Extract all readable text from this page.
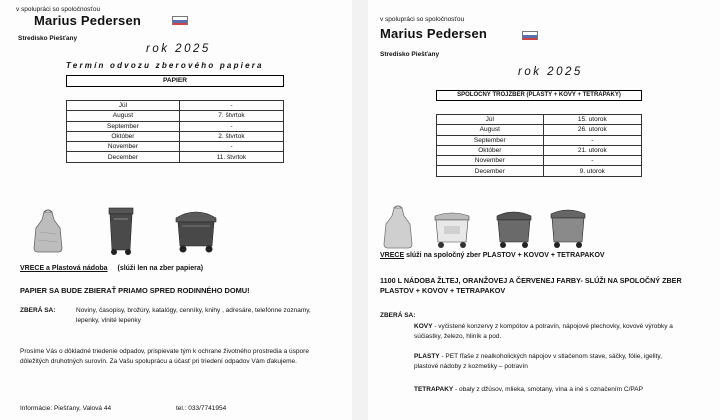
v spolupráci so spoločnosťou
Marius Pedersen
Stredisko Piešťany
rok 2025
Termín odvozu zberového papiera
PAPIER
Júl	-
August	7. štvrtok
September	-
Október	2. štvrtok
November	-
December	11. štvrtok
VRECE a Plastová nádoba (slúži len na zber papiera)
PAPIER SA BUDE ZBIERAŤ PRIAMO SPRED RODINNÉHO DOMU!
ZBERÁ SA:	Noviny, časopisy, brožúry, katalógy, cenníky, knihy , adresáre, telefónne zoznamy, lepenky, vlnité lepenky
Prosíme Vás o dôkladné triedenie odpadov, prispievate tým k ochrane životného prostredia a úspore dôležitých druhotných surovín. Za Vašu spoluprácu a účasť pri triedení odpadov Vám ďakujeme.
Informácie: Piešťany, Valová 44	tel.: 033/7741954
v spolupráci so spoločnosťou
Marius Pedersen
Stredisko Piešťany
rok 2025
SPOLOČNÝ TROJZBER (PLASTY + KOVY + TETRAPAKY)
Júl	15. utorok
August	26. utorok
September	-
Október	21. utorok
November	-
December	9. utorok
VRECE slúži na spoločný zber PLASTOV + KOVOV + TETRAPAKOV
1100 L NÁDOBA ŽLTEJ, ORANŽOVEJ A ČERVENEJ FARBY- SLÚŽI NA SPOLOČNÝ ZBER PLASTOV + KOVOV + TETRAPAKOV
ZBERÁ SA:
KOVY - vyčistené konzervy z kompótov a potravín, nápojové plechovky, kovové výrobky a súčiastky, železo, hliník a pod.
PLASTY - PET fľaše z nealkoholických nápojov v stlačenom stave, sáčky, fólie, igelity, plastové nádoby z kozmetiky – potravín
TETRAPAKY - obaly z džúsov, mlieka, smotany, vína a iné s označením C/PAP
